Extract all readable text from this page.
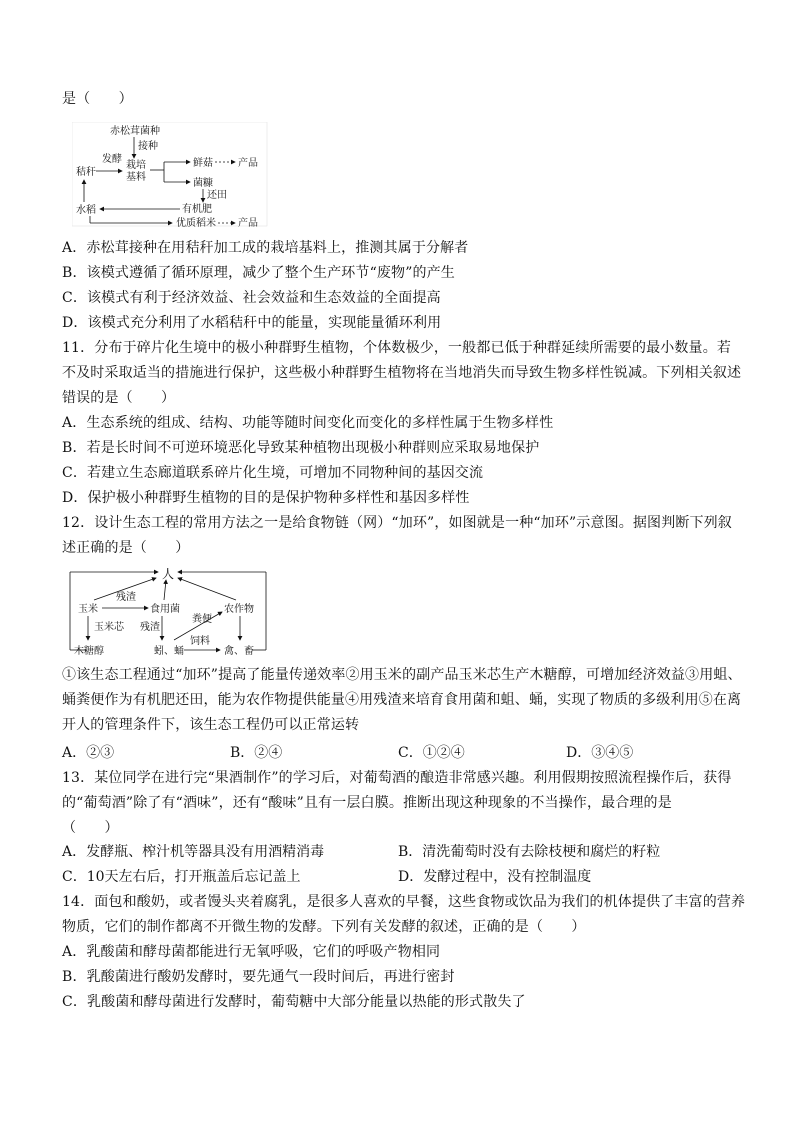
是（　　）
赤松茸菌种
接种
发酵
秸秆
栽培
基料
鲜菇	产品
菌糠
还田
有机肥
水稻
优质稻米 产品
A．赤松茸接种在用秸秆加工成的栽培基料上，推测其属于分解者
B．该模式遵循了循环原理，减少了整个生产环节“废物”的产生
C．该模式有利于经济效益、社会效益和生态效益的全面提高
D．该模式充分利用了水稻秸秆中的能量，实现能量循环利用
11．分布于碎片化生境中的极小种群野生植物，个体数极少，一般都已低于种群延续所需要的最小数量。若
不及时采取适当的措施进行保护，这些极小种群野生植物将在当地消失而导致生物多样性锐减。下列相关叙述
错误的是（　　）
A．生态系统的组成、结构、功能等随时间变化而变化的多样性属于生物多样性
B．若是长时间不可逆环境恶化导致某种植物出现极小种群则应采取易地保护
C．若建立生态廊道联系碎片化生境，可增加不同物种间的基因交流
D．保护极小种群野生植物的目的是保护物种多样性和基因多样性
12．设计生态工程的常用方法之一是给食物链（网）“加环”，如图就是一种“加环”示意图。据图判断下列叙
述正确的是（　　）
人
玉米
残渣
食用菌	农作物
粪便
玉米芯 残渣
木糖醇	蚓、蛹
饲料
禽、畜
①该生态工程通过“加环”提高了能量传递效率②用玉米的副产品玉米芯生产木糖醇，可增加经济效益③用蛆、
蛹粪便作为有机肥还田，能为农作物提供能量④用残渣来培育食用菌和蛆、蛹，实现了物质的多级利用⑤在离
开人的管理条件下，该生态工程仍可以正常运转
A．②③	B．②④	C．①②④	D．③④⑤
13．某位同学在进行完“果酒制作”的学习后，对葡萄酒的酿造非常感兴趣。利用假期按照流程操作后，获得
的“葡萄酒”除了有“酒味”，还有“酸味”且有一层白膜。推断出现这种现象的不当操作，最合理的是
（　　）
A．发酵瓶、榨汁机等器具没有用酒精消毒	B．清洗葡萄时没有去除枝梗和腐烂的籽粒
C．10天左右后，打开瓶盖后忘记盖上	D．发酵过程中，没有控制温度
14．面包和酸奶，或者馒头夹着腐乳，是很多人喜欢的早餐，这些食物或饮品为我们的机体提供了丰富的营养
物质，它们的制作都离不开微生物的发酵。下列有关发酵的叙述，正确的是（　　）
A．乳酸菌和酵母菌都能进行无氧呼吸，它们的呼吸产物相同
B．乳酸菌进行酸奶发酵时，要先通气一段时间后，再进行密封
C．乳酸菌和酵母菌进行发酵时，葡萄糖中大部分能量以热能的形式散失了
